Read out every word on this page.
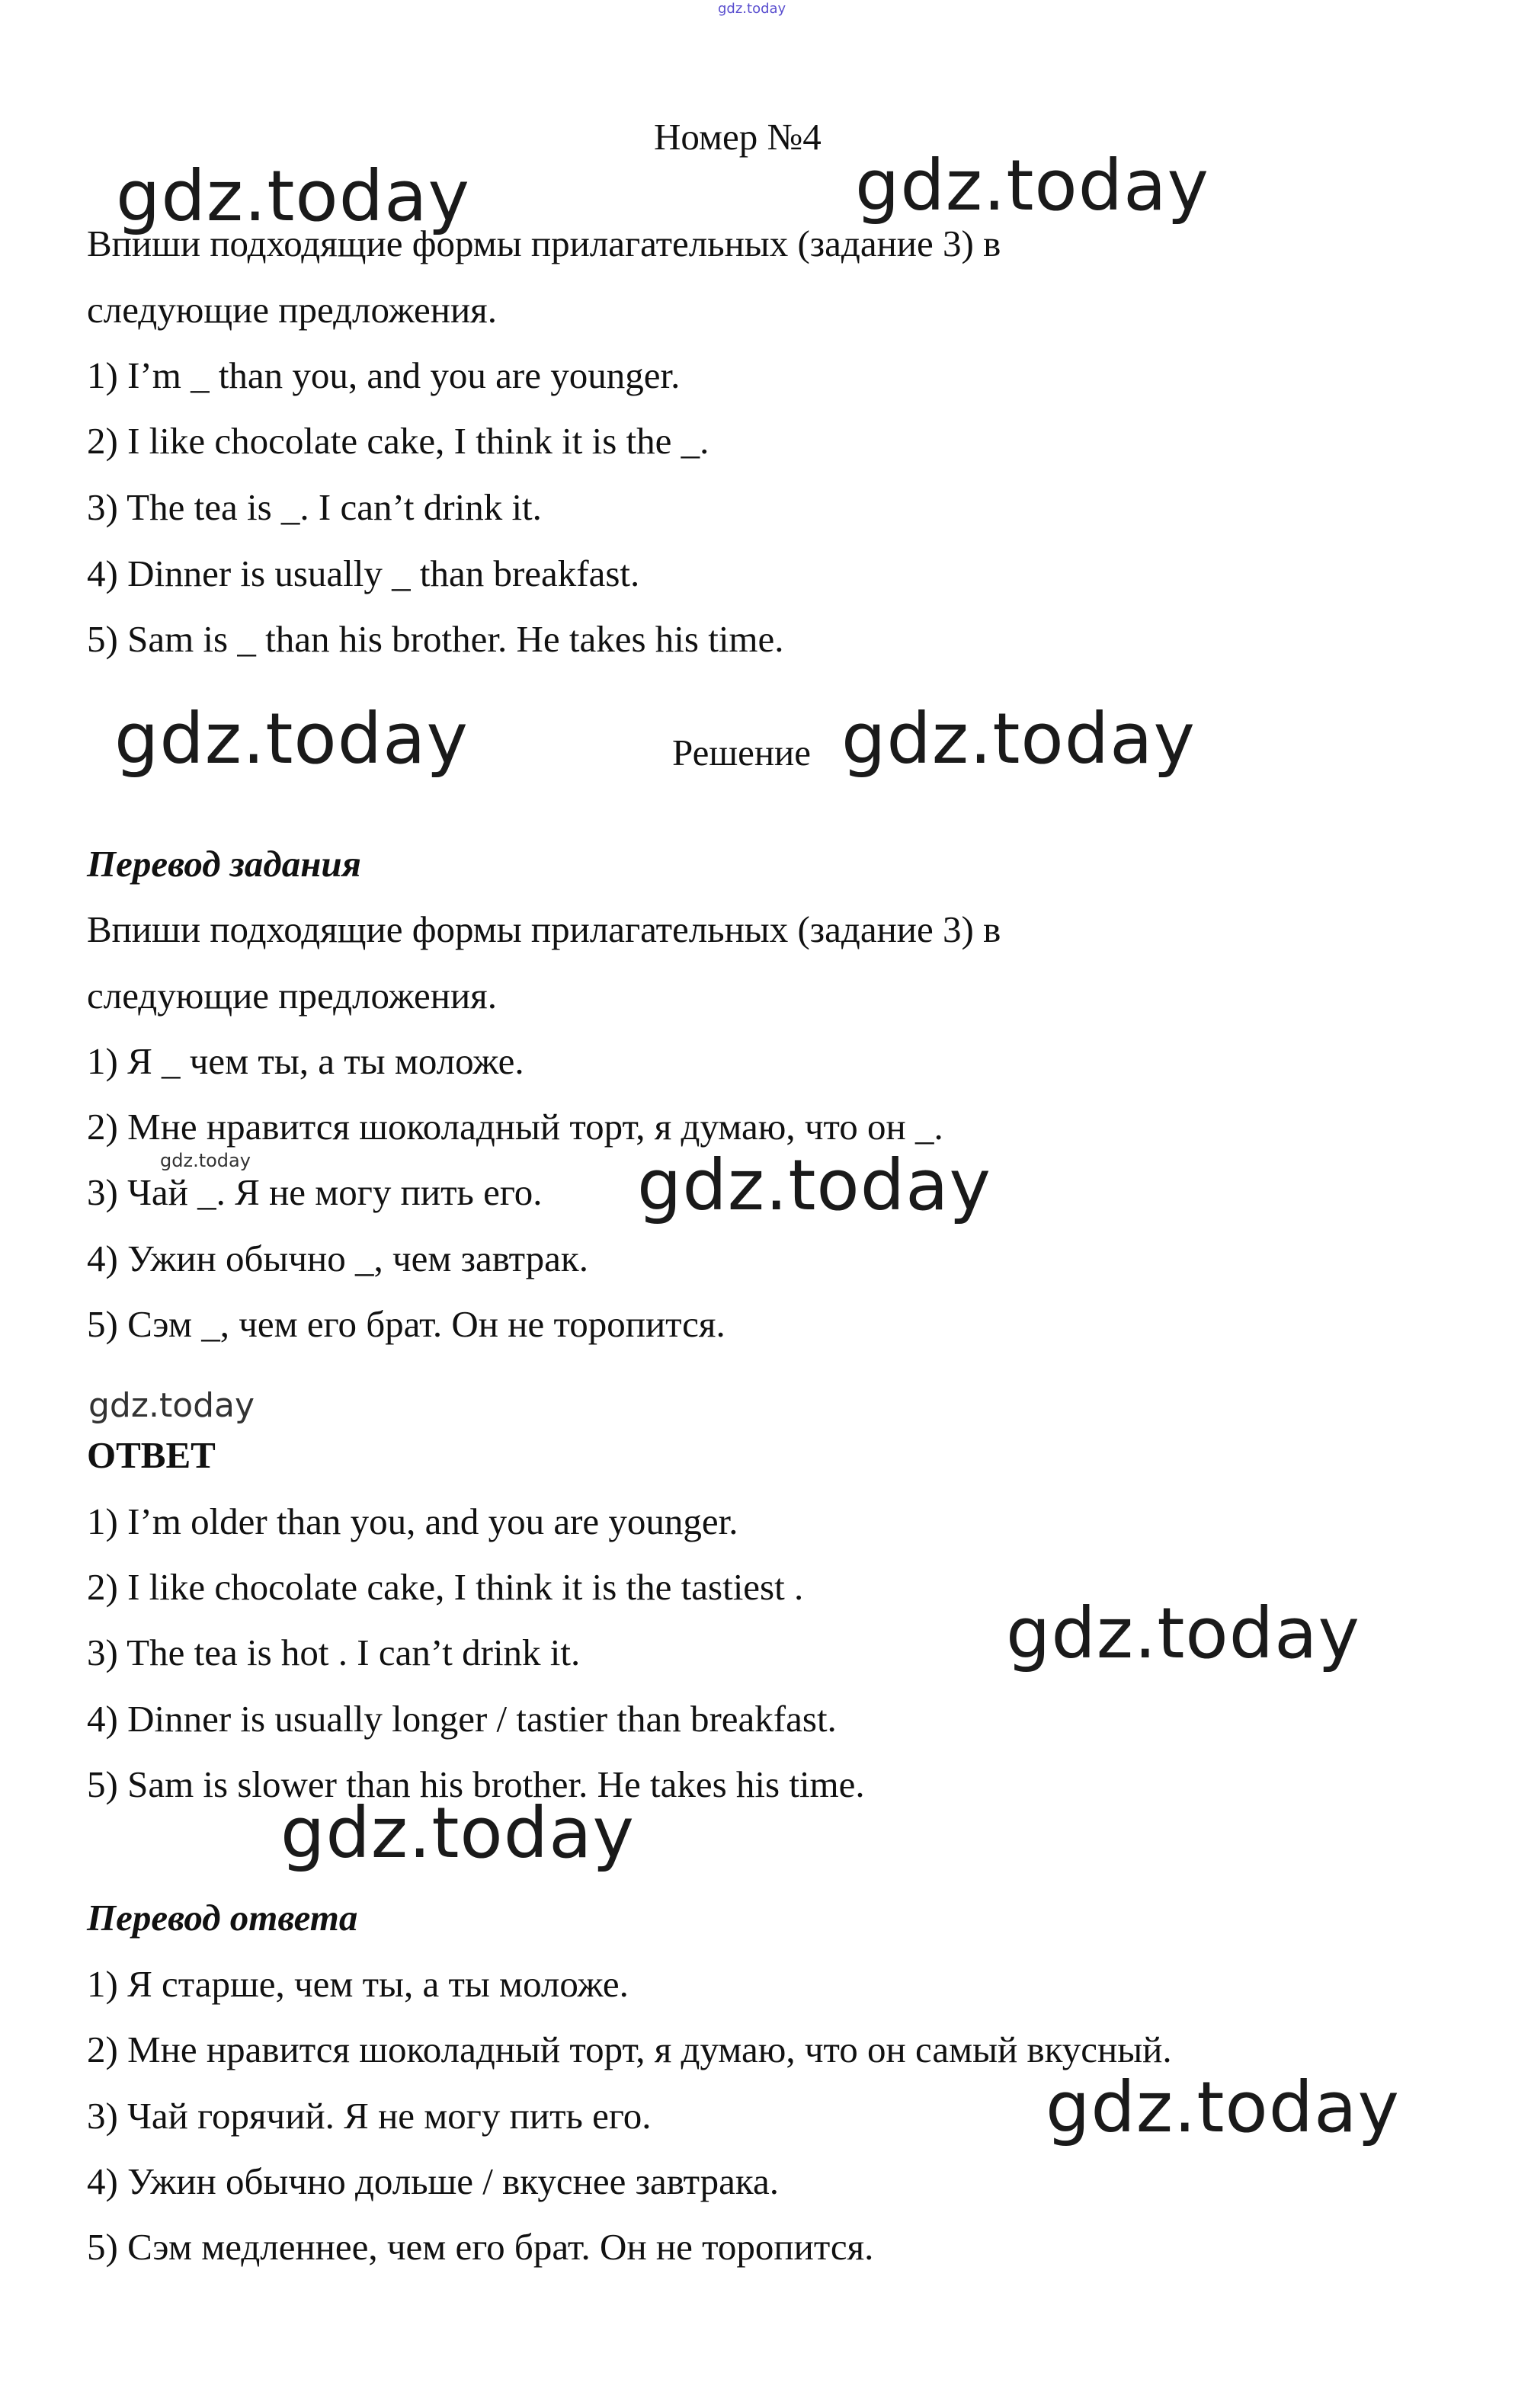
gdz.today
Номер №4
gdz.today	gdz.today
Впиши подходящие формы прилагательных (задание 3) в
следующие предложения.
1) I’m _ than you, and you are younger.
2) I like chocolate cake, I think it is the _.
3) The tea is _. I can’t drink it.
4) Dinner is usually _ than breakfast.
5) Sam is _ than his brother. He takes his time.
gdz.today	Решение gdz.today
Перевод задания
Впиши подходящие формы прилагательных (задание 3) в
следующие предложения.
1) Я _ чем ты, а ты моложе.
2) Мне нравится шоколадный торт, я думаю, что он _.
gdz.today
3) Чай _. Я не могу пить его. gdz.today
4) Ужин обычно _, чем завтрак.
5) Сэм _, чем его брат. Он не торопится.
gdz.today
ОТВЕТ
1) I’m older than you, and you are younger.
2) I like chocolate cake, I think it is the tastiest .
3) The tea is hot . I can’t drink it.	gdz.today
4) Dinner is usually longer / tastier than breakfast.
5) Sam is slower than his brother. He takes his time.
gdz.today
Перевод ответа
1) Я старше, чем ты, а ты моложе.
2) Мне нравится шоколадный торт, я думаю, что он самый вкусный.
3) Чай горячий. Я не могу пить его.	gdz.today
4) Ужин обычно дольше / вкуснее завтрака.
5) Сэм медленнее, чем его брат. Он не торопится.
